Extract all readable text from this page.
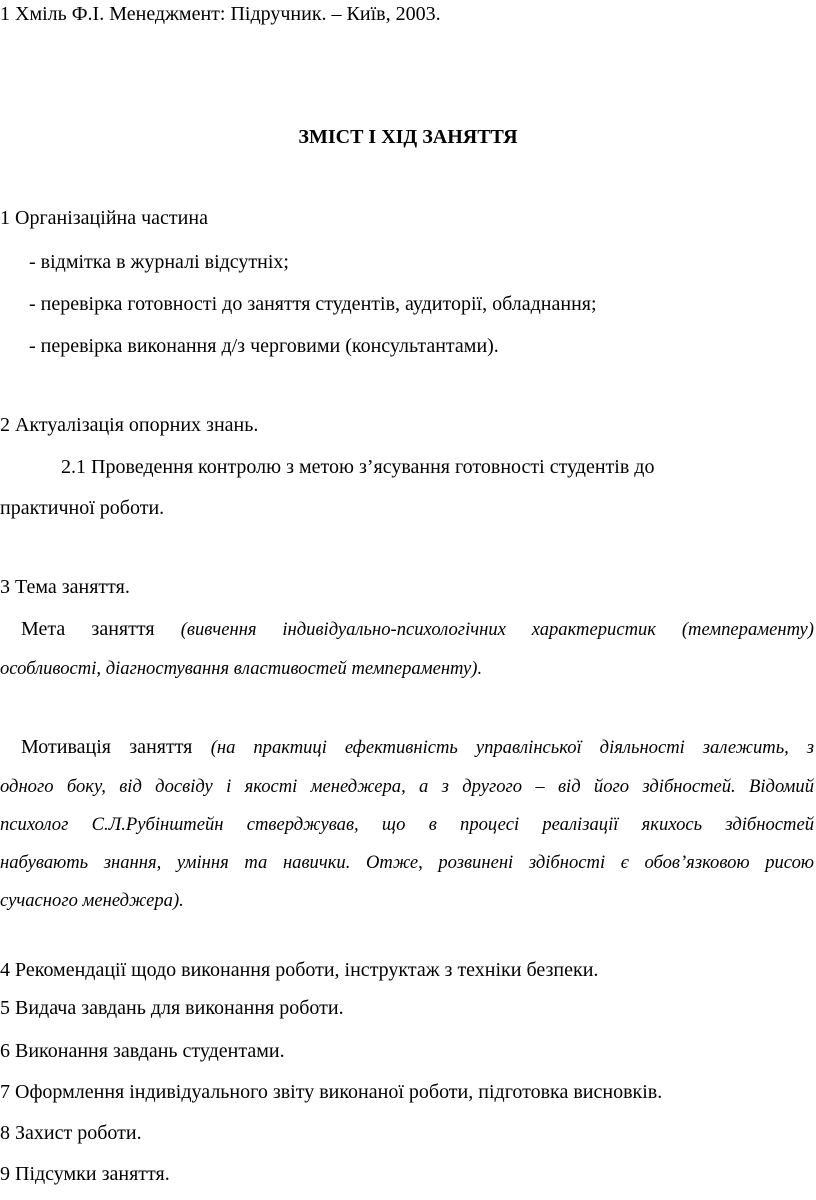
1 Хміль Ф.І. Менеджмент: Підручник. – Київ, 2003.

ЗМІСТ І ХІД ЗАНЯТТЯ

1 Організаційна частина

- відмітка в журналі відсутніх;

- перевірка готовності до заняття студентів, аудиторії, обладнання;

- перевірка виконання д/з черговими (консультантами).

2 Актуалізація опорних знань.

2.1 Проведення контролю з метою з’ясування готовності студентів до

практичної роботи.

3 Тема заняття.

Мета заняття (вивчення індивідуально-психологічних характеристик (темпераменту)

особливості, діагностування властивостей темпераменту).

Мотивація заняття (на практиці ефективність управлінської діяльності залежить, з

одного боку, від досвіду і якості менеджера, а з другого – від його здібностей. Відомий

психолог С.Л.Рубінштейн стверджував, що в процесі реалізації якихось здібностей

набувають знання, уміння та навички. Отже, розвинені здібності є обов’язковою рисою

сучасного менеджера).

4 Рекомендації щодо виконання роботи, інструктаж з техніки безпеки.

5 Видача завдань для виконання роботи.

6 Виконання завдань студентами.

7 Оформлення індивідуального звіту виконаної роботи, підготовка висновків.

8 Захист роботи.

9 Підсумки заняття.
